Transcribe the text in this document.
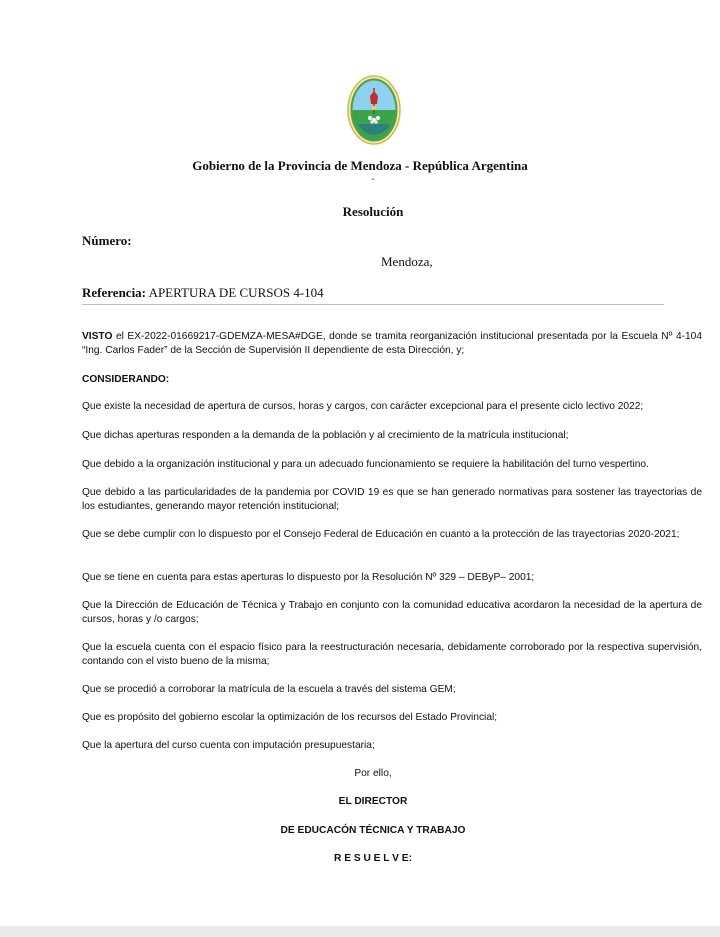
Gobierno de la Provincia de Mendoza - República Argentina
-
Resolución
Número:
Mendoza,
Referencia: APERTURA DE CURSOS 4-104
VISTO el EX-2022-01669217-GDEMZA-MESA#DGE, donde se tramita reorganización institucional presentada por la Escuela Nº 4-104 “Ing. Carlos Fader” de la Sección de Supervisión II dependiente de esta Dirección, y;
CONSIDERANDO:
Que existe la necesidad de apertura de cursos, horas y cargos, con carácter excepcional para el presente ciclo lectivo 2022;
Que dichas aperturas responden a la demanda de la población y al crecimiento de la matrícula institucional;
Que debido a la organización institucional y para un adecuado funcionamiento se requiere la habilitación del turno vespertino.
Que debido a las particularidades de la pandemia por COVID 19 es que se han generado normativas para sostener las trayectorias de los estudiantes, generando mayor retención institucional;
Que se debe cumplir con lo dispuesto por el Consejo Federal de Educación en cuanto a la protección de las trayectorias 2020-2021;
Que se tiene en cuenta para estas aperturas lo dispuesto por la Resolución Nº 329 – DEByP– 2001;
Que la Dirección de Educación de Técnica y Trabajo en conjunto con la comunidad educativa acordaron la necesidad de la apertura de cursos, horas y /o cargos;
Que la escuela cuenta con el espacio físico para la reestructuración necesaria, debidamente corroborado por la respectiva supervisión, contando con el visto bueno de la misma;
Que se procedió a corroborar la matrícula de la escuela a través del sistema GEM;
Que es propósito del gobierno escolar la optimización de los recursos del Estado Provincial;
Que la apertura del curso cuenta con imputación presupuestaria;
Por ello,
EL DIRECTOR
DE EDUCACÓN TÉCNICA Y TRABAJO
R E S U E L V E:
